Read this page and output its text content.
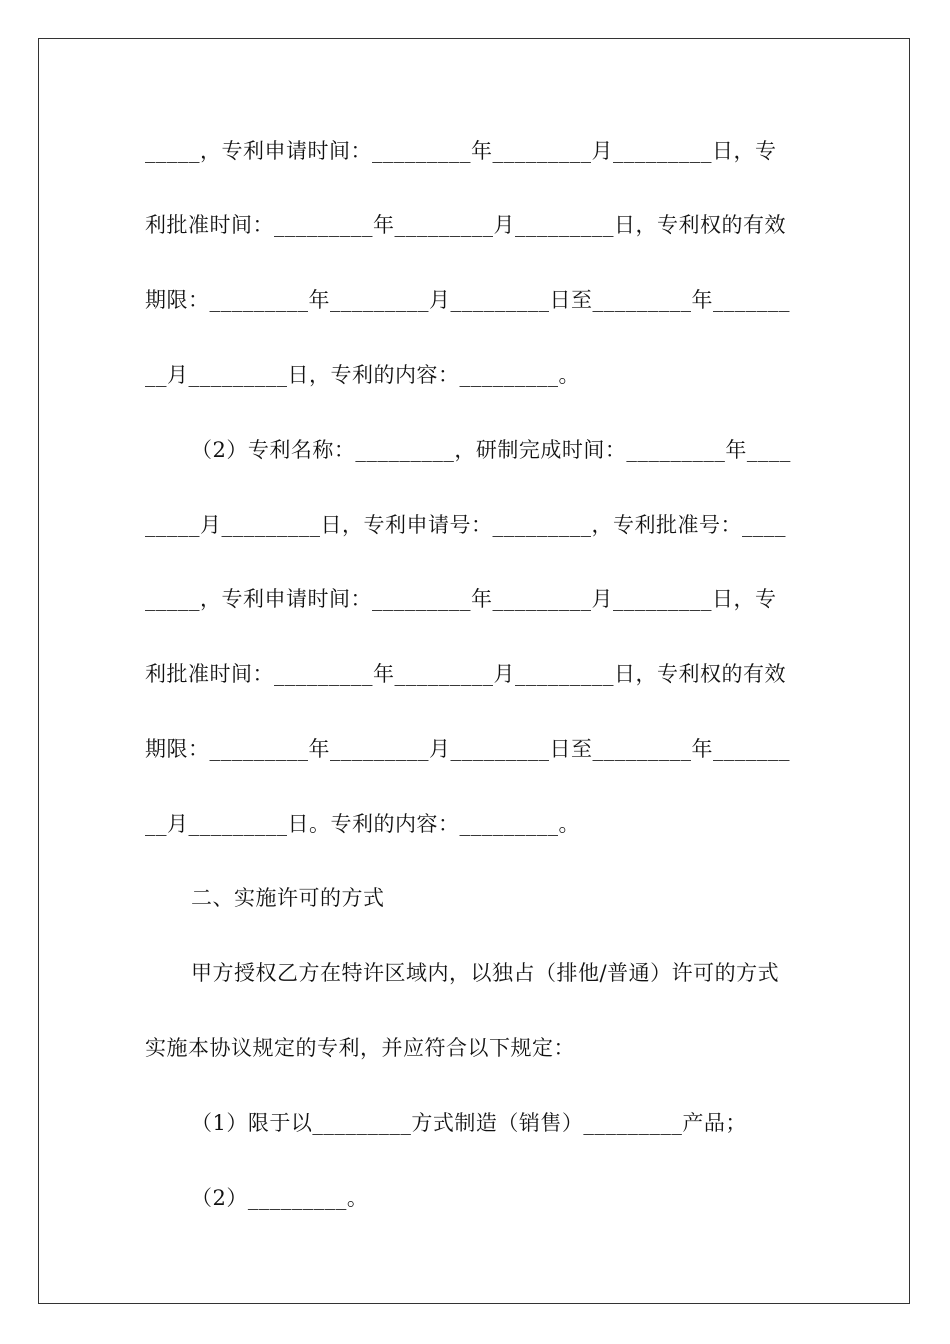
_____，专利申请时间：_________年_________月_________日，专
利批准时间：_________年_________月_________日，专利权的有效
期限：_________年_________月_________日至_________年_______
__月_________日，专利的内容：_________。
（2）专利名称：_________，研制完成时间：_________年____
_____月_________日，专利申请号：_________，专利批准号：____
_____，专利申请时间：_________年_________月_________日，专
利批准时间：_________年_________月_________日，专利权的有效
期限：_________年_________月_________日至_________年_______
__月_________日。专利的内容：_________。
二、实施许可的方式
甲方授权乙方在特许区域内，以独占（排他/普通）许可的方式
实施本协议规定的专利，并应符合以下规定：
（1）限于以_________方式制造（销售）_________产品；
（2）_________。
